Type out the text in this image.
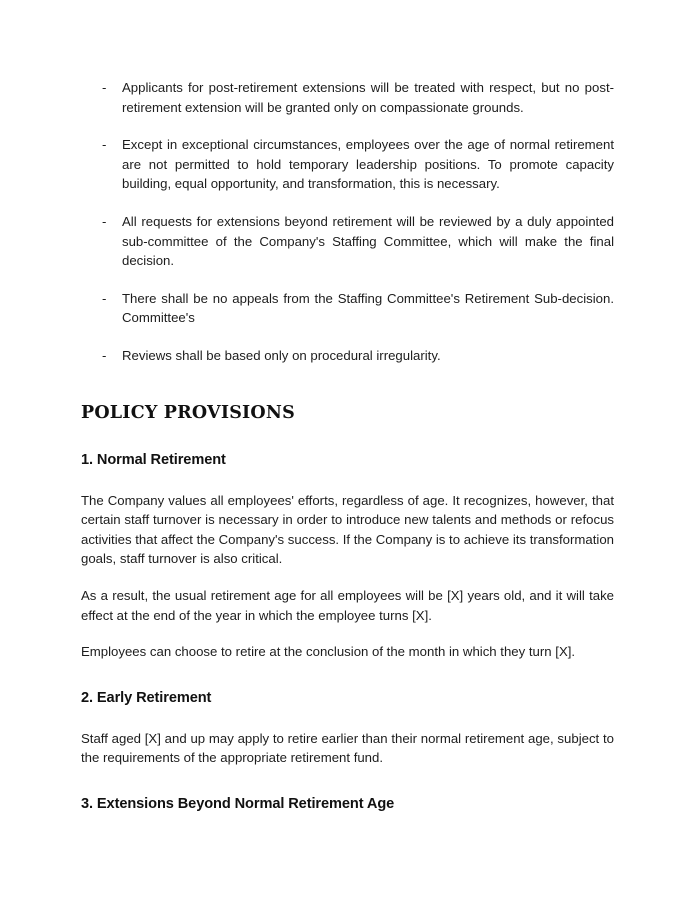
- Applicants for post-retirement extensions will be treated with respect, but no post-retirement extension will be granted only on compassionate grounds.
- Except in exceptional circumstances, employees over the age of normal retirement are not permitted to hold temporary leadership positions. To promote capacity building, equal opportunity, and transformation, this is necessary.
- All requests for extensions beyond retirement will be reviewed by a duly appointed sub-committee of the Company's Staffing Committee, which will make the final decision.
- There shall be no appeals from the Staffing Committee's Retirement Sub-decision. Committee's
- Reviews shall be based only on procedural irregularity.
POLICY PROVISIONS
1. Normal Retirement

The Company values all employees' efforts, regardless of age. It recognizes, however, that certain staff turnover is necessary in order to introduce new talents and methods or refocus activities that affect the Company's success. If the Company is to achieve its transformation goals, staff turnover is also critical.

As a result, the usual retirement age for all employees will be [X] years old, and it will take effect at the end of the year in which the employee turns [X].

Employees can choose to retire at the conclusion of the month in which they turn [X].

2. Early Retirement

Staff aged [X] and up may apply to retire earlier than their normal retirement age, subject to the requirements of the appropriate retirement fund.

3. Extensions Beyond Normal Retirement Age
